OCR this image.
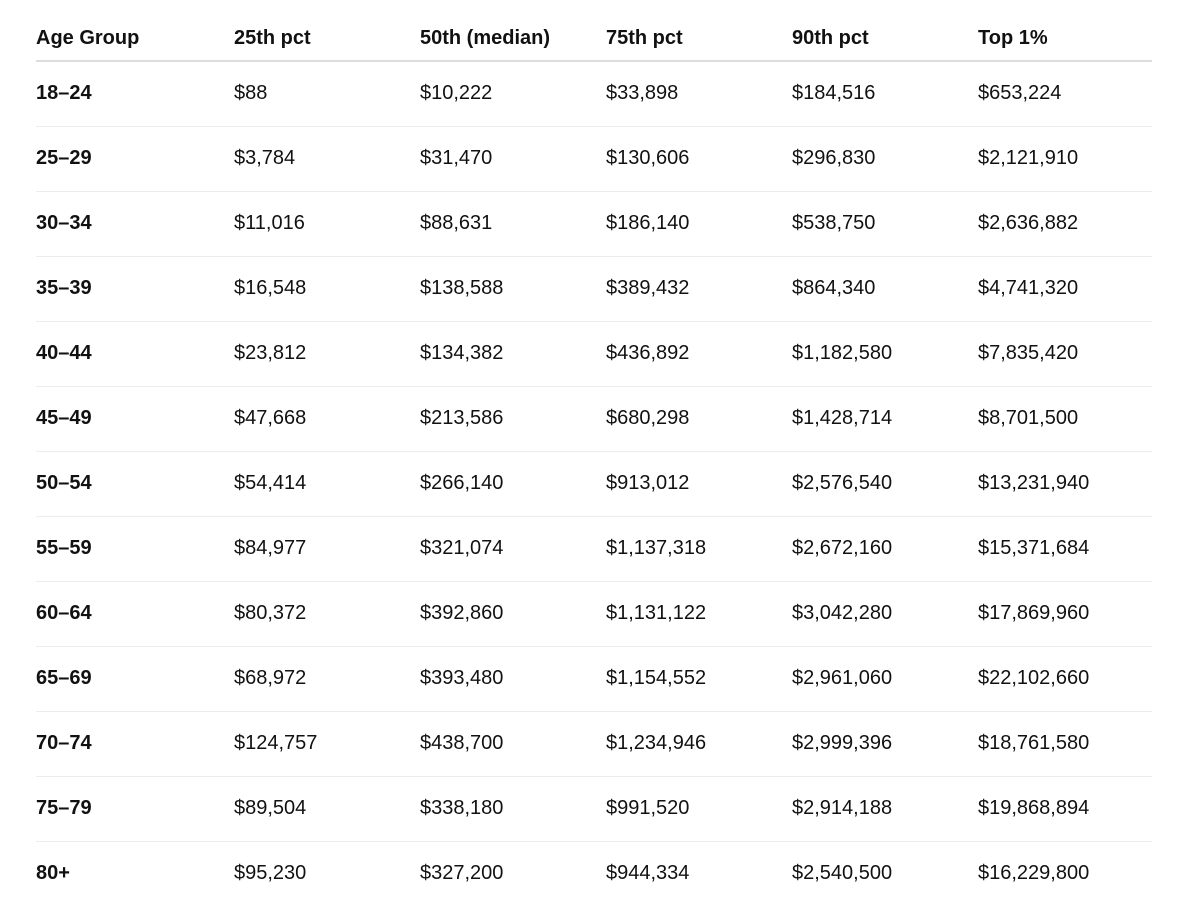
Age Group	25th pct	50th (median)	75th pct	90th pct	Top 1%
18–24	$88	$10,222	$33,898	$184,516	$653,224
25–29	$3,784	$31,470	$130,606	$296,830	$2,121,910
30–34	$11,016	$88,631	$186,140	$538,750	$2,636,882
35–39	$16,548	$138,588	$389,432	$864,340	$4,741,320
40–44	$23,812	$134,382	$436,892	$1,182,580	$7,835,420
45–49	$47,668	$213,586	$680,298	$1,428,714	$8,701,500
50–54	$54,414	$266,140	$913,012	$2,576,540	$13,231,940
55–59	$84,977	$321,074	$1,137,318	$2,672,160	$15,371,684
60–64	$80,372	$392,860	$1,131,122	$3,042,280	$17,869,960
65–69	$68,972	$393,480	$1,154,552	$2,961,060	$22,102,660
70–74	$124,757	$438,700	$1,234,946	$2,999,396	$18,761,580
75–79	$89,504	$338,180	$991,520	$2,914,188	$19,868,894
80+	$95,230	$327,200	$944,334	$2,540,500	$16,229,800
